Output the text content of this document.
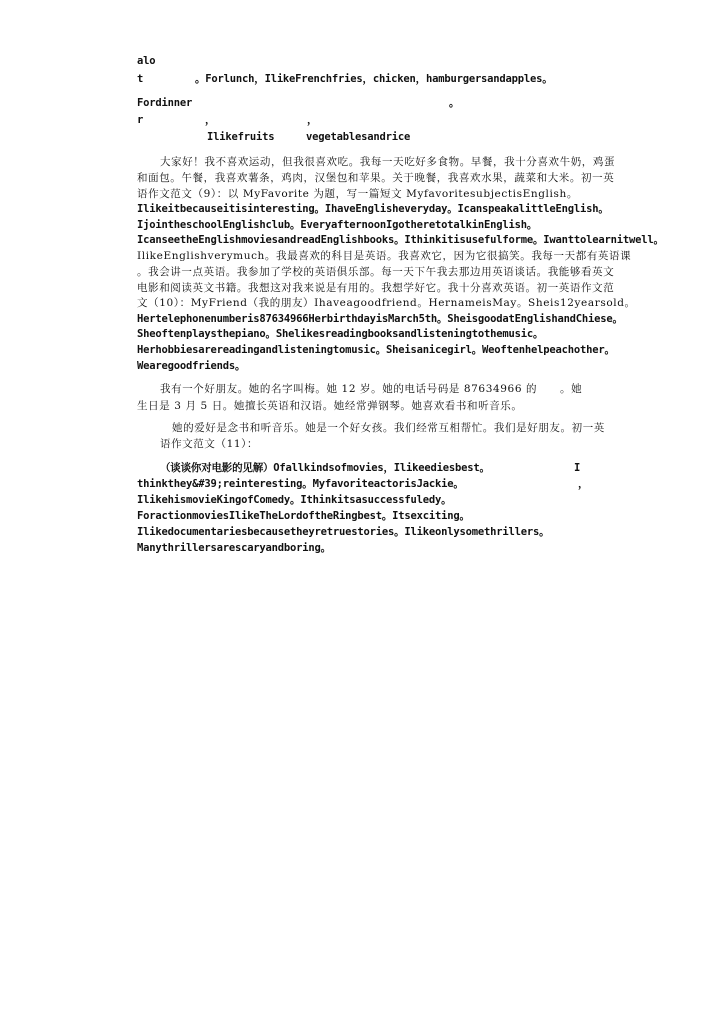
alo
t	。Forlunch，IlikeFrenchfries，chicken，hamburgersandapples。
Fordinner	。
r	，	，
Ilikefruits	vegetablesandrice
大家好！我不喜欢运动，但我很喜欢吃。我每一天吃好多食物。早餐，我十分喜欢牛奶，鸡蛋
和面包。午餐，我喜欢薯条，鸡肉，汉堡包和苹果。关于晚餐，我喜欢水果，蔬菜和大米。初一英
语作文范文（9）：以 MyFavorite 为题，写一篇短文 MyfavoritesubjectisEnglish。
Ilikeitbecauseitisinteresting。IhaveEnglisheveryday。IcanspeakalittleEnglish。
IjointheschoolEnglishclub。EveryafternoonIgotheretotalkinEnglish。
IcanseetheEnglishmoviesandreadEnglishbooks。Ithinkitisusefulforme。Iwanttolearnitwell。
IlikeEnglishverymuch。我最喜欢的科目是英语。我喜欢它，因为它很搞笑。我每一天都有英语课
。我会讲一点英语。我参加了学校的英语俱乐部。每一天下午我去那边用英语谈话。我能够看英文
电影和阅读英文书籍。我想这对我来说是有用的。我想学好它。我十分喜欢英语。初一英语作文范
文（10）：MyFriend（我的朋友）Ihaveagoodfriend。HernameisMay。Sheis12yearsold。
Hertelephonenumberis87634966HerbirthdayisMarch5th。SheisgoodatEnglishandChiese。
Sheoftenplaysthepiano。Shelikesreadingbooksandlisteningtothemusic。
Herhobbiesarereadingandlisteningtomusic。Sheisanicegirl。Weoftenhelpeachother。
Wearegoodfriends。
我有一个好朋友。她的名字叫梅。她 12 岁。她的电话号码是 87634966 的 。她
生日是 3 月 5 日。她擅长英语和汉语。她经常弹钢琴。她喜欢看书和听音乐。
她的爱好是念书和听音乐。她是一个好女孩。我们经常互相帮忙。我们是好朋友。初一英
语作文范文（11）：
（谈谈你对电影的见解）Ofallkindsofmovies，Ilikeediesbest。	I
thinkthey&#39;reinteresting。MyfavoriteactorisJackie。	，
IlikehismovieKingofComedy。Ithinkitsasuccessfuledy。
ForactionmoviesIlikeTheLordoftheRingbest。Itsexciting。
Ilikedocumentariesbecausetheyretruestories。Ilikeonlysomethrillers。
Manythrillersarescaryandboring。
